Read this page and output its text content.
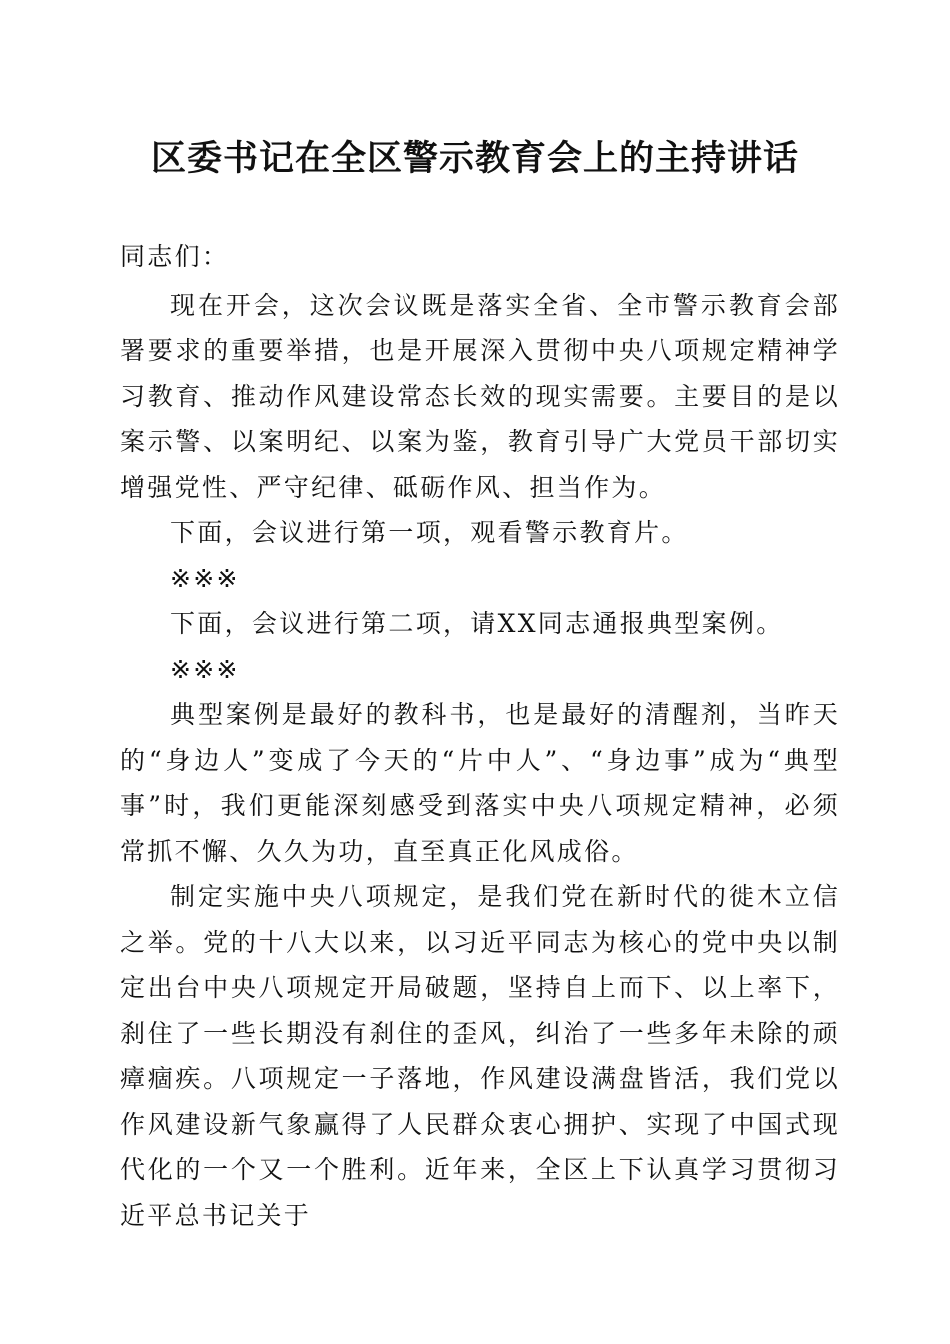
区委书记在全区警示教育会上的主持讲话

同志们：

现在开会，这次会议既是落实全省、全市警示教育会部署要求的重要举措，也是开展深入贯彻中央八项规定精神学习教育、推动作风建设常态长效的现实需要。主要目的是以案示警、以案明纪、以案为鉴，教育引导广大党员干部切实增强党性、严守纪律、砥砺作风、担当作为。

下面，会议进行第一项，观看警示教育片。

※※※

下面，会议进行第二项，请XX同志通报典型案例。

※※※

典型案例是最好的教科书，也是最好的清醒剂，当昨天的“身边人”变成了今天的“片中人”、“身边事”成为“典型事”时，我们更能深刻感受到落实中央八项规定精神，必须常抓不懈、久久为功，直至真正化风成俗。

制定实施中央八项规定，是我们党在新时代的徙木立信之举。党的十八大以来，以习近平同志为核心的党中央以制定出台中央八项规定开局破题，坚持自上而下、以上率下，刹住了一些长期没有刹住的歪风，纠治了一些多年未除的顽瘴痼疾。八项规定一子落地，作风建设满盘皆活，我们党以作风建设新气象赢得了人民群众衷心拥护、实现了中国式现代化的一个又一个胜利。近年来，全区上下认真学习贯彻习近平总书记关于
